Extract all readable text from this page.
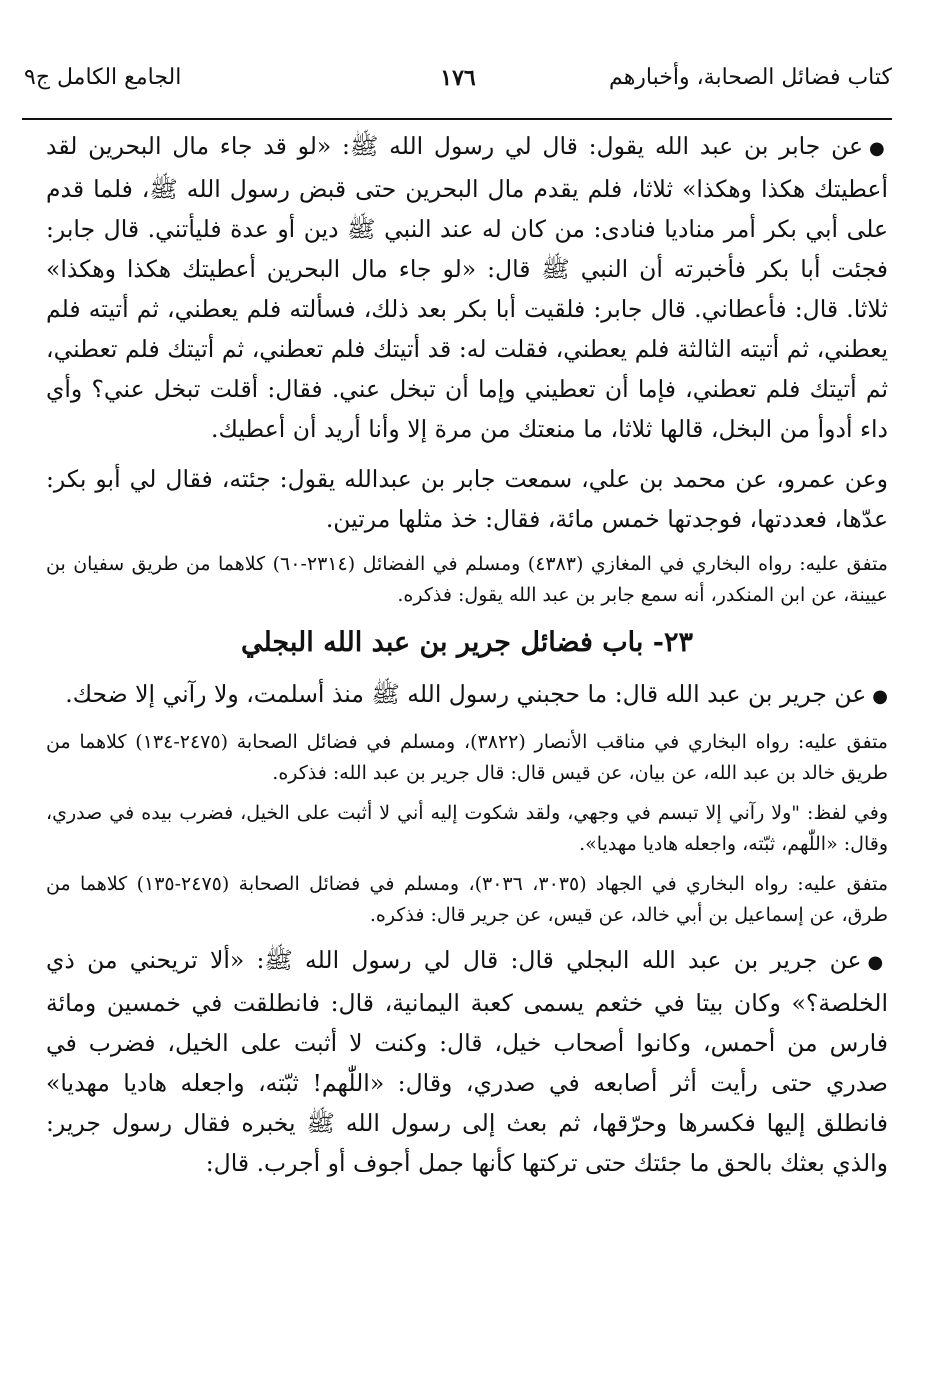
كتاب فضائل الصحابة، وأخبارهم
١٧٦
الجامع الكامل ج٩

●عن جابر بن عبد الله يقول: قال لي رسول الله ﷺ: «لو قد جاء مال البحرين لقد أعطيتك هكذا وهكذا» ثلاثا، فلم يقدم مال البحرين حتى قبض رسول الله ﷺ، فلما قدم على أبي بكر أمر مناديا فنادى: من كان له عند النبي ﷺ دين أو عدة فليأتني. قال جابر: فجئت أبا بكر فأخبرته أن النبي ﷺ قال: «لو جاء مال البحرين أعطيتك هكذا وهكذا» ثلاثا. قال: فأعطاني. قال جابر: فلقيت أبا بكر بعد ذلك، فسألته فلم يعطني، ثم أتيته فلم يعطني، ثم أتيته الثالثة فلم يعطني، فقلت له: قد أتيتك فلم تعطني، ثم أتيتك فلم تعطني، ثم أتيتك فلم تعطني، فإما أن تعطيني وإما أن تبخل عني. فقال: أقلت تبخل عني؟ وأي داء أدوأ من البخل، قالها ثلاثا، ما منعتك من مرة إلا وأنا أريد أن أعطيك.

وعن عمرو، عن محمد بن علي، سمعت جابر بن عبدالله يقول: جئته، فقال لي أبو بكر: عدّها، فعددتها، فوجدتها خمس مائة، فقال: خذ مثلها مرتين.

متفق عليه: رواه البخاري في المغازي (٤٣٨٣) ومسلم في الفضائل (٢٣١٤-٦٠) كلاهما من طريق سفيان بن عيينة، عن ابن المنكدر، أنه سمع جابر بن عبد الله يقول: فذكره.

٢٣- باب فضائل جرير بن عبد الله البجلي

●عن جرير بن عبد الله قال: ما حجبني رسول الله ﷺ منذ أسلمت، ولا رآني إلا ضحك.

متفق عليه: رواه البخاري في مناقب الأنصار (٣٨٢٢)، ومسلم في فضائل الصحابة (٢٤٧٥-١٣٤) كلاهما من طريق خالد بن عبد الله، عن بيان، عن قيس قال: قال جرير بن عبد الله: فذكره.

وفي لفظ: "ولا رآني إلا تبسم في وجهي، ولقد شكوت إليه أني لا أثبت على الخيل، فضرب بيده في صدري، وقال: «اللّٰهم، ثبّته، واجعله هاديا مهديا».

متفق عليه: رواه البخاري في الجهاد (٣٠٣٥، ٣٠٣٦)، ومسلم في فضائل الصحابة (٢٤٧٥-١٣٥) كلاهما من طرق، عن إسماعيل بن أبي خالد، عن قيس، عن جرير قال: فذكره.

●عن جرير بن عبد الله البجلي قال: قال لي رسول الله ﷺ: «ألا تريحني من ذي الخلصة؟» وكان بيتا في خثعم يسمى كعبة اليمانية، قال: فانطلقت في خمسين ومائة فارس من أحمس، وكانوا أصحاب خيل، قال: وكنت لا أثبت على الخيل، فضرب في صدري حتى رأيت أثر أصابعه في صدري، وقال: «اللّٰهم! ثبّته، واجعله هاديا مهديا» فانطلق إليها فكسرها وحرّقها، ثم بعث إلى رسول الله ﷺ يخبره فقال رسول جرير: والذي بعثك بالحق ما جئتك حتى تركتها كأنها جمل أجوف أو أجرب. قال:
